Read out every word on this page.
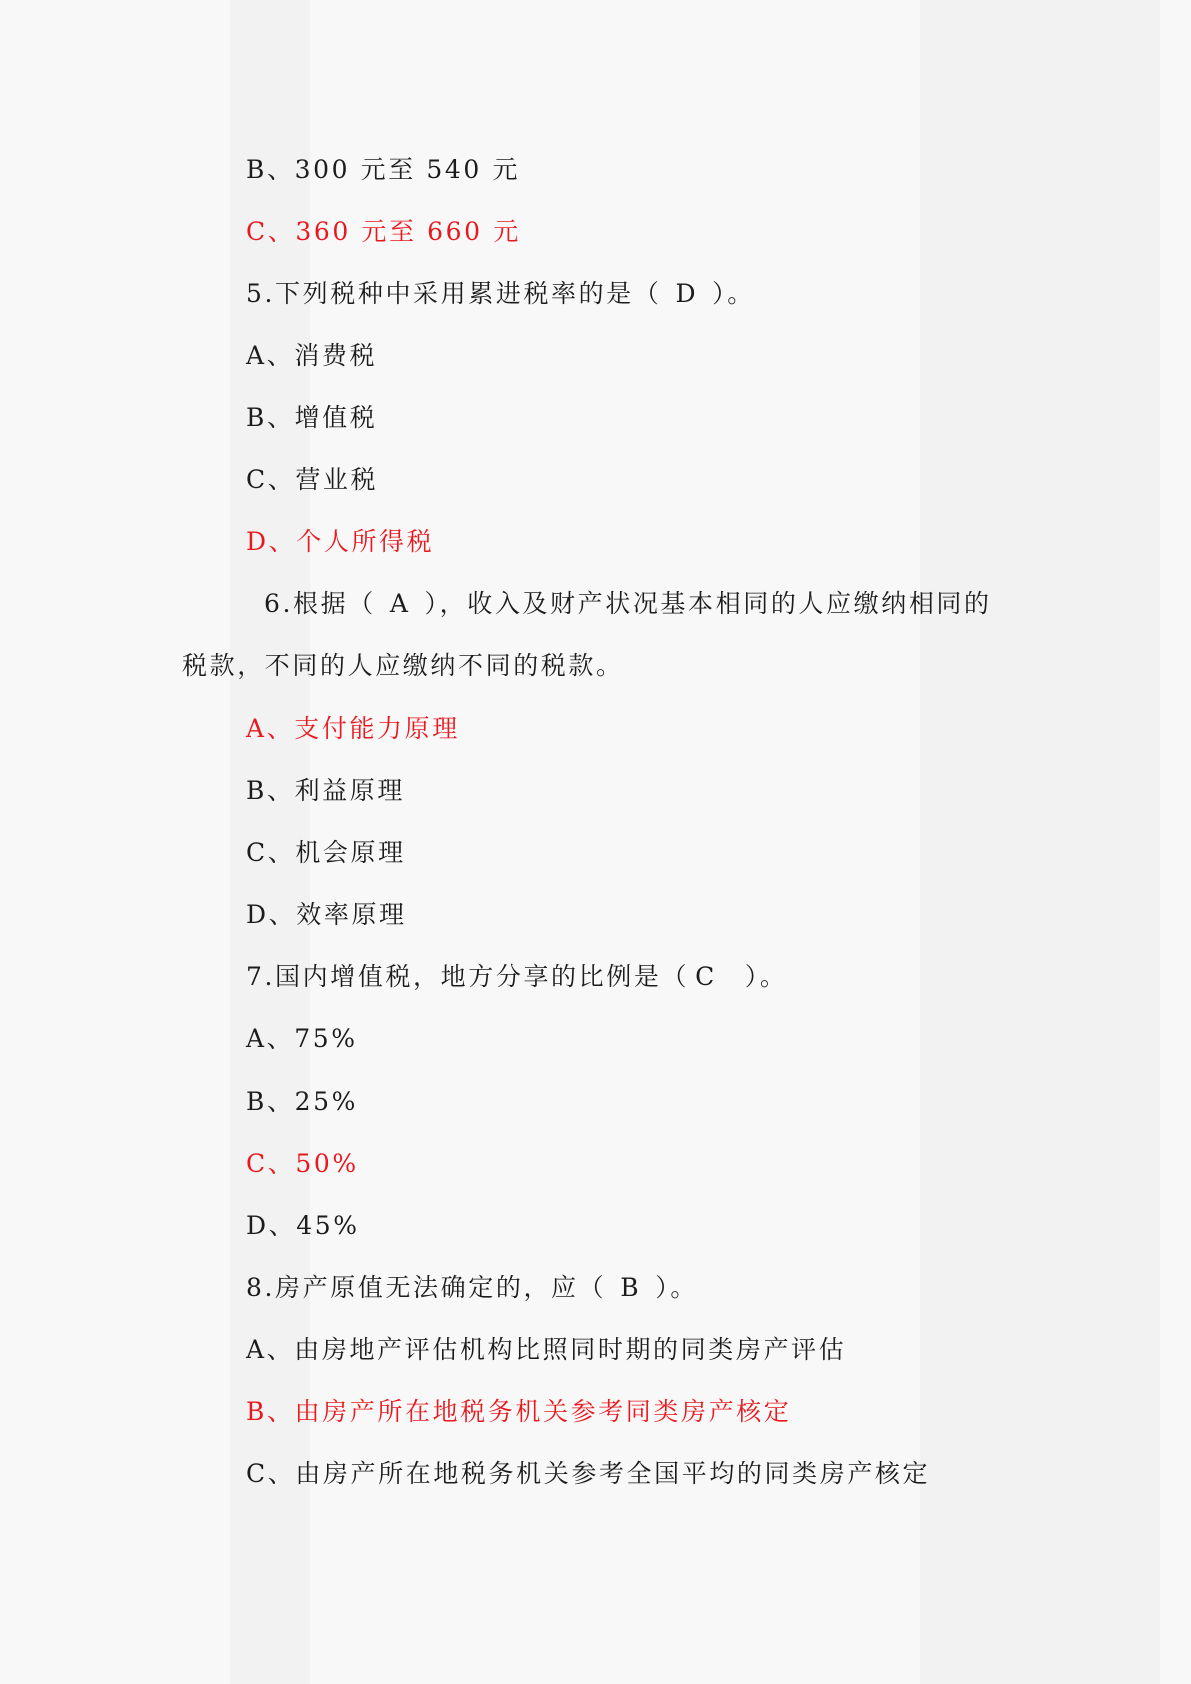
B、300 元至 540 元
C、360 元至 660 元
5.下列税种中采用累进税率的是（ D ）。
A、消费税
B、增值税
C、营业税
D、个人所得税
6.根据（ A ），收入及财产状况基本相同的人应缴纳相同的
税款，不同的人应缴纳不同的税款。
A、支付能力原理
B、利益原理
C、机会原理
D、效率原理
7.国内增值税，地方分享的比例是（ C ）。
A、75%
B、25%
C、50%
D、45%
8.房产原值无法确定的，应（ B ）。
A、由房地产评估机构比照同时期的同类房产评估
B、由房产所在地税务机关参考同类房产核定
C、由房产所在地税务机关参考全国平均的同类房产核定
